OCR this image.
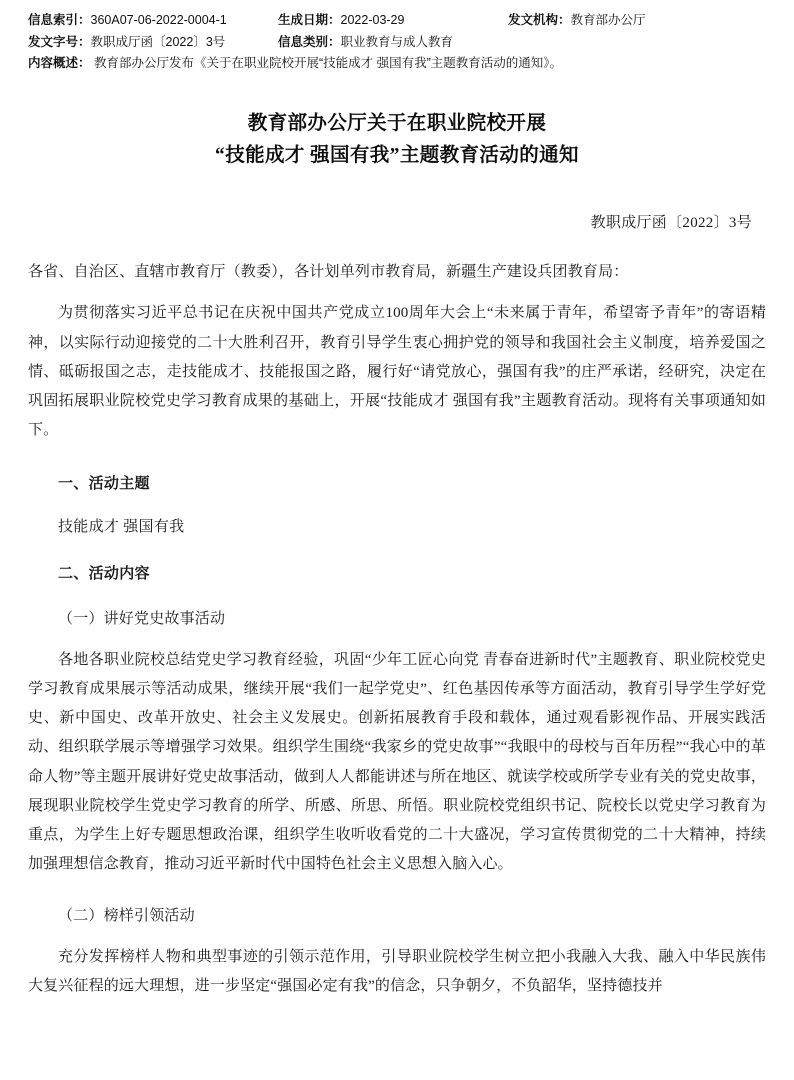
信息索引： 360A07-06-2022-0004-1	生成日期： 2022-03-29	发文机构： 教育部办公厅
发文字号： 教职成厅函〔2022〕3号	信息类别： 职业教育与成人教育
内容概述： 教育部办公厅发布《关于在职业院校开展“技能成才 强国有我”主题教育活动的通知》。
教育部办公厅关于在职业院校开展
“技能成才 强国有我”主题教育活动的通知
教职成厅函〔2022〕3号
各省、自治区、直辖市教育厅（教委），各计划单列市教育局，新疆生产建设兵团教育局：

为贯彻落实习近平总书记在庆祝中国共产党成立100周年大会上“未来属于青年，希望寄予青年”的寄语精神，以实际行动迎接党的二十大胜利召开，教育引导学生衷心拥护党的领导和我国社会主义制度，培养爱国之情、砥砺报国之志，走技能成才、技能报国之路，履行好“请党放心，强国有我”的庄严承诺，经研究，决定在巩固拓展职业院校党史学习教育成果的基础上，开展“技能成才 强国有我”主题教育活动。现将有关事项通知如下。

一、活动主题
技能成才 强国有我
二、活动内容
（一）讲好党史故事活动

各地各职业院校总结党史学习教育经验，巩固“少年工匠心向党 青春奋进新时代”主题教育、职业院校党史学习教育成果展示等活动成果，继续开展“我们一起学党史”、红色基因传承等方面活动，教育引导学生学好党史、新中国史、改革开放史、社会主义发展史。创新拓展教育手段和载体，通过观看影视作品、开展实践活动、组织联学展示等增强学习效果。组织学生围绕“我家乡的党史故事”“我眼中的母校与百年历程”“我心中的革命人物”等主题开展讲好党史故事活动，做到人人都能讲述与所在地区、就读学校或所学专业有关的党史故事，展现职业院校学生党史学习教育的所学、所感、所思、所悟。职业院校党组织书记、院校长以党史学习教育为重点，为学生上好专题思想政治课，组织学生收听收看党的二十大盛况，学习宣传贯彻党的二十大精神，持续加强理想信念教育，推动习近平新时代中国特色社会主义思想入脑入心。

（二）榜样引领活动

充分发挥榜样人物和典型事迹的引领示范作用，引导职业院校学生树立把小我融入大我、融入中华民族伟大复兴征程的远大理想，进一步坚定“强国必定有我”的信念，只争朝夕，不负韶华，坚持德技并
